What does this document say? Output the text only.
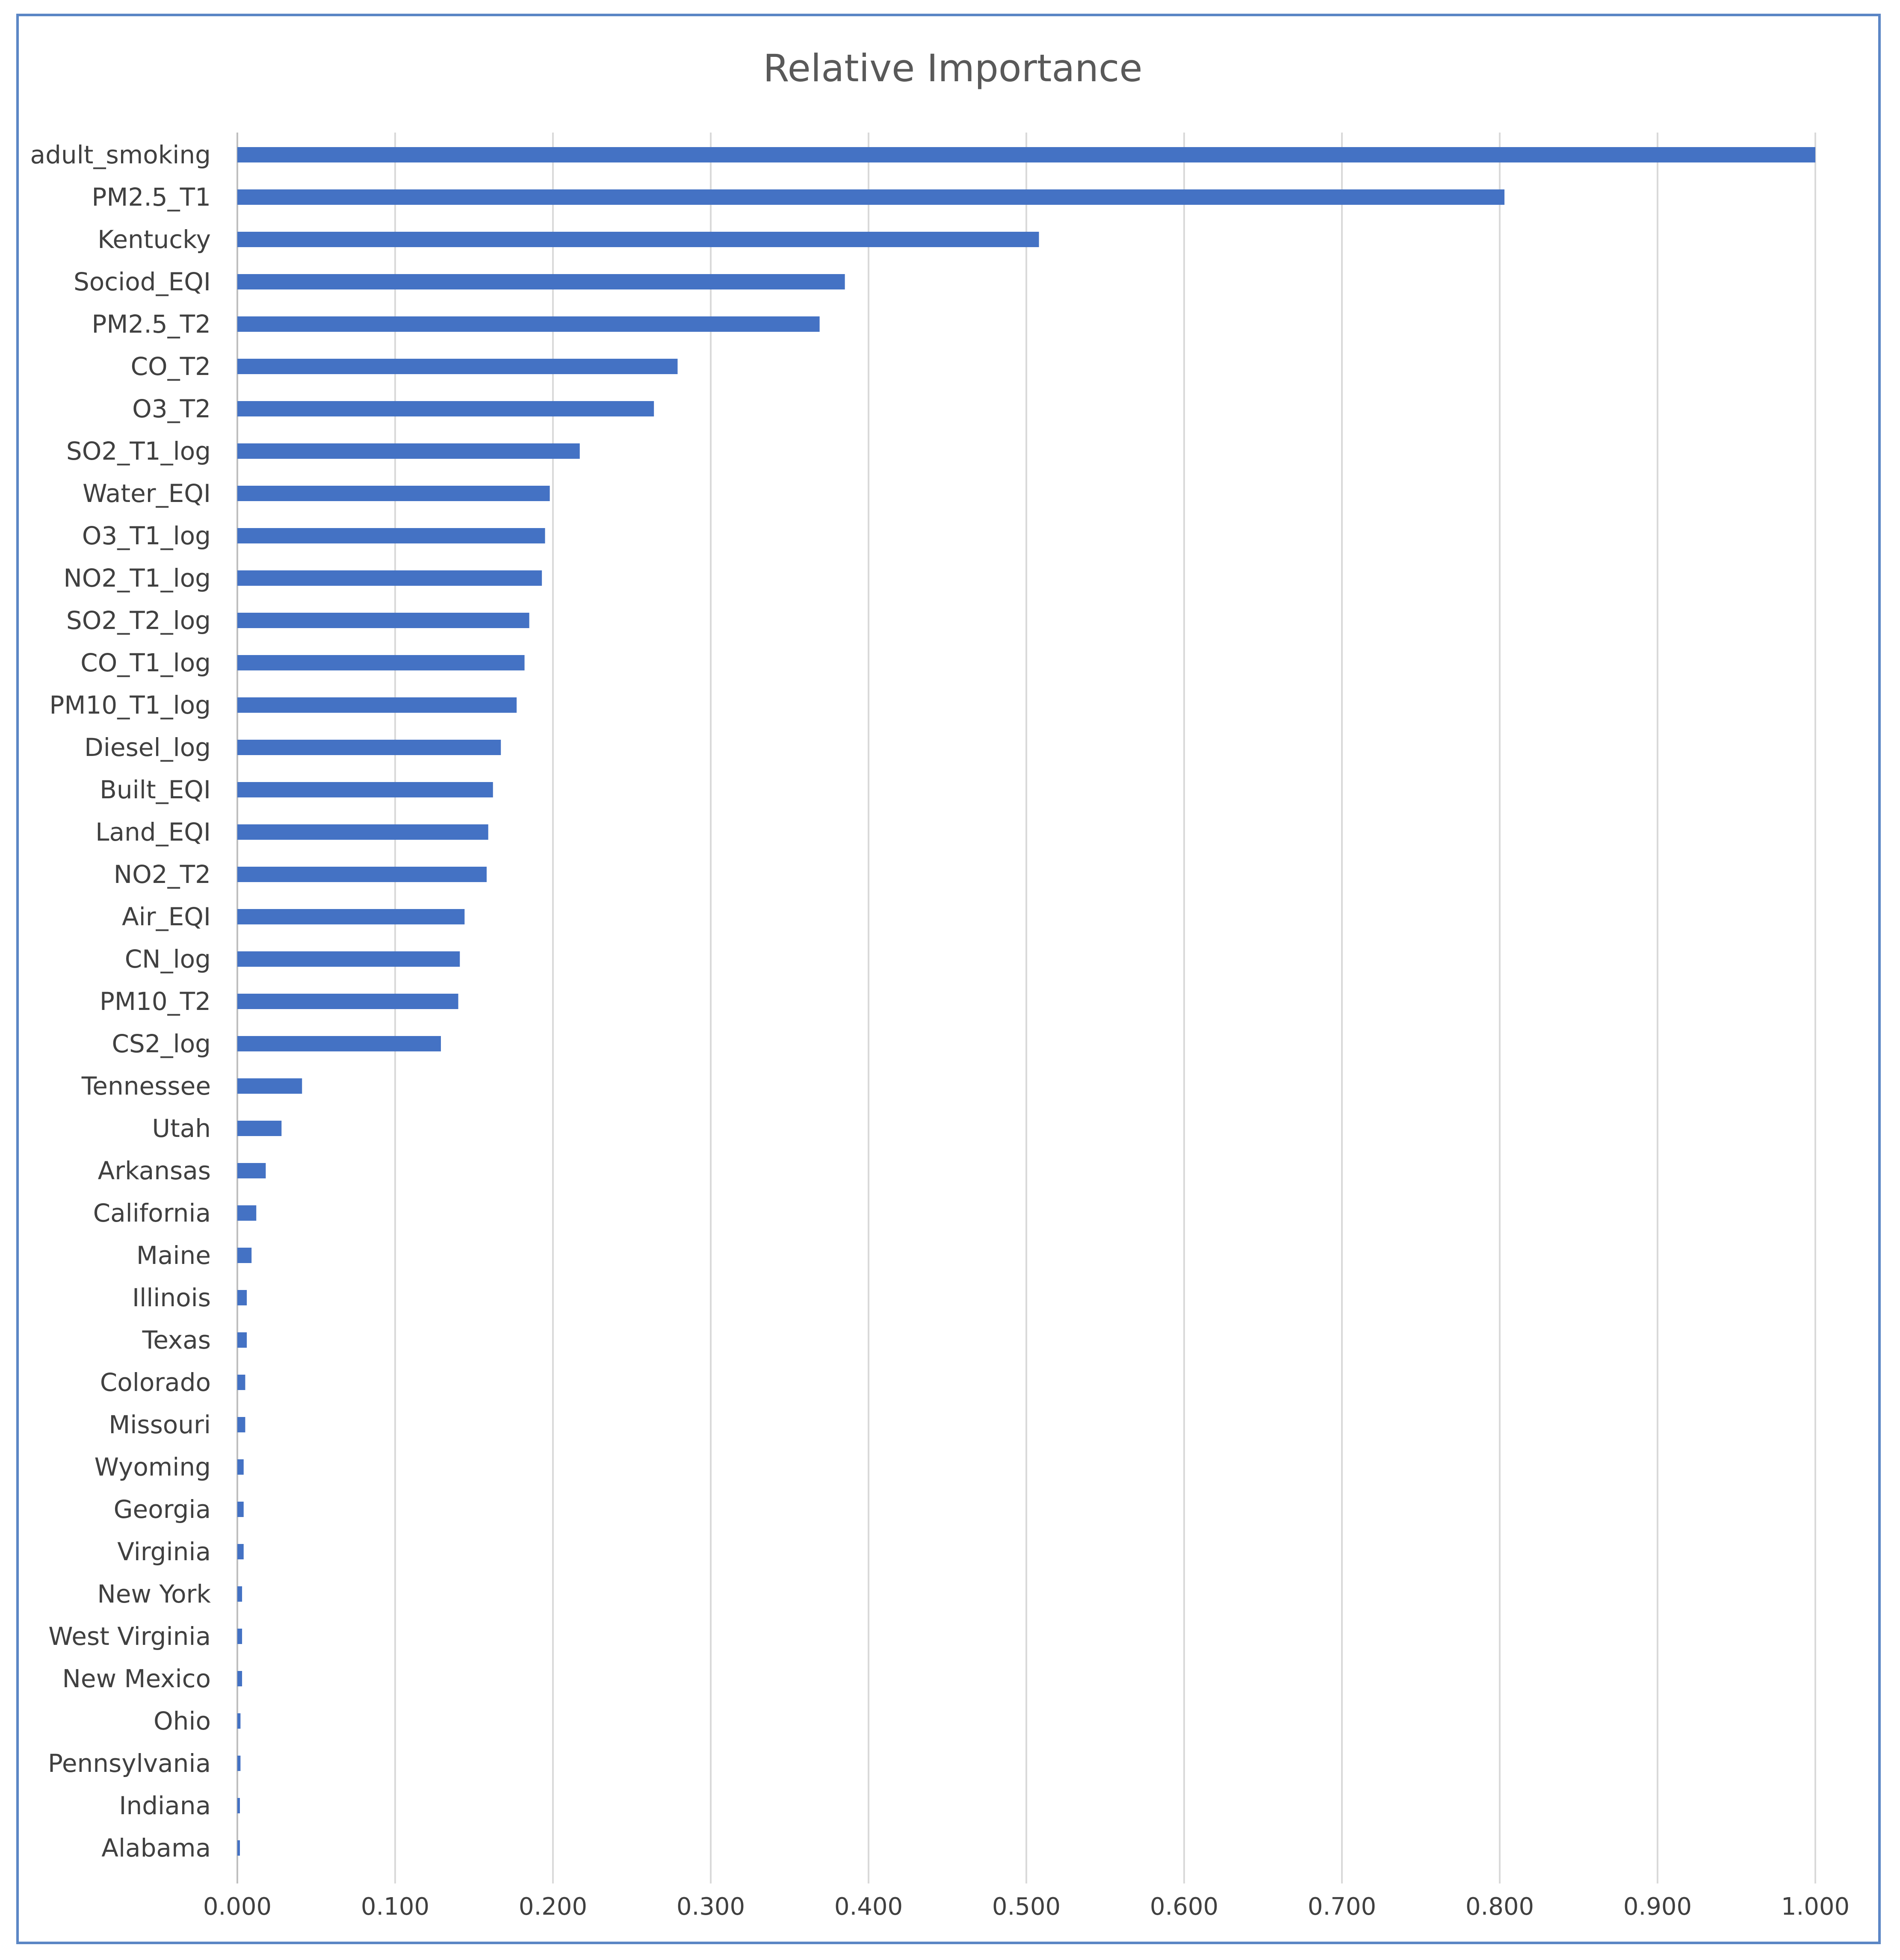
Relative Importance
adult_smoking
PM2.5_T1
Kentucky
Sociod_EQI
PM2.5_T2
CO_T2
O3_T2
SO2_T1_log
Water_EQI
O3_T1_log
NO2_T1_log
SO2_T2_log
CO_T1_log
PM10_T1_log
Diesel_log
Built_EQI
Land_EQI
NO2_T2
Air_EQI
CN_log
PM10_T2
CS2_log
Tennessee
Utah
Arkansas
California
Maine
Illinois
Texas
Colorado
Missouri
Wyoming
Georgia
Virginia
New York
West Virginia
New Mexico
Ohio
Pennsylvania
Indiana
Alabama
0.000	0.100	0.200	0.300	0.400	0.500	0.600	0.700	0.800	0.900	1.000
